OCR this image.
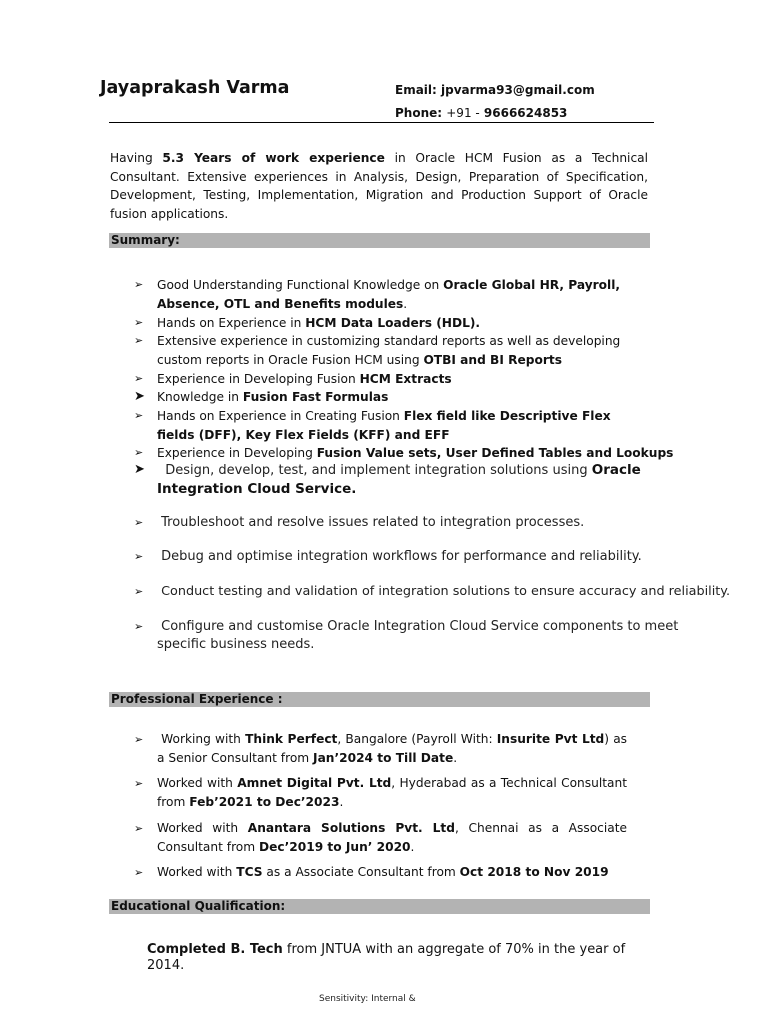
Jayaprakash Varma	Email: jpvarma93@gmail.com
Phone: +91 - 9666624853
Having 5.3 Years of work experience in Oracle HCM Fusion as a Technical Consultant. Extensive experiences in Analysis, Design, Preparation of Specification, Development, Testing, Implementation, Migration and Production Support of Oracle fusion applications.
Summary:
➢ Good Understanding Functional Knowledge on Oracle Global HR, Payroll, Absence, OTL and Benefits modules.
➢ Hands on Experience in HCM Data Loaders (HDL).
➢ Extensive experience in customizing standard reports as well as developing custom reports in Oracle Fusion HCM using OTBI and BI Reports
➢ Experience in Developing Fusion HCM Extracts
➤ Knowledge in Fusion Fast Formulas
➢ Hands on Experience in Creating Fusion Flex field like Descriptive Flex fields (DFF), Key Flex Fields (KFF) and EFF
➢ Experience in Developing Fusion Value sets, User Defined Tables and Lookups
➤ Design, develop, test, and implement integration solutions using Oracle Integration Cloud Service.
➢ Troubleshoot and resolve issues related to integration processes.
➢ Debug and optimise integration workflows for performance and reliability.
➢ Conduct testing and validation of integration solutions to ensure accuracy and reliability.
➢ Configure and customise Oracle Integration Cloud Service components to meet specific business needs.
Professional Experience :
➢ Working with Think Perfect, Bangalore (Payroll With: Insurite Pvt Ltd) as a Senior Consultant from Jan’2024 to Till Date.
➢ Worked with Amnet Digital Pvt. Ltd, Hyderabad as a Technical Consultant from Feb’2021 to Dec’2023.
➢ Worked with Anantara Solutions Pvt. Ltd, Chennai as a Associate Consultant from Dec’2019 to Jun’ 2020.
➢ Worked with TCS as a Associate Consultant from Oct 2018 to Nov 2019
Educational Qualification:
Completed B. Tech from JNTUA with an aggregate of 70% in the year of 2014.
Sensitivity: Internal &
